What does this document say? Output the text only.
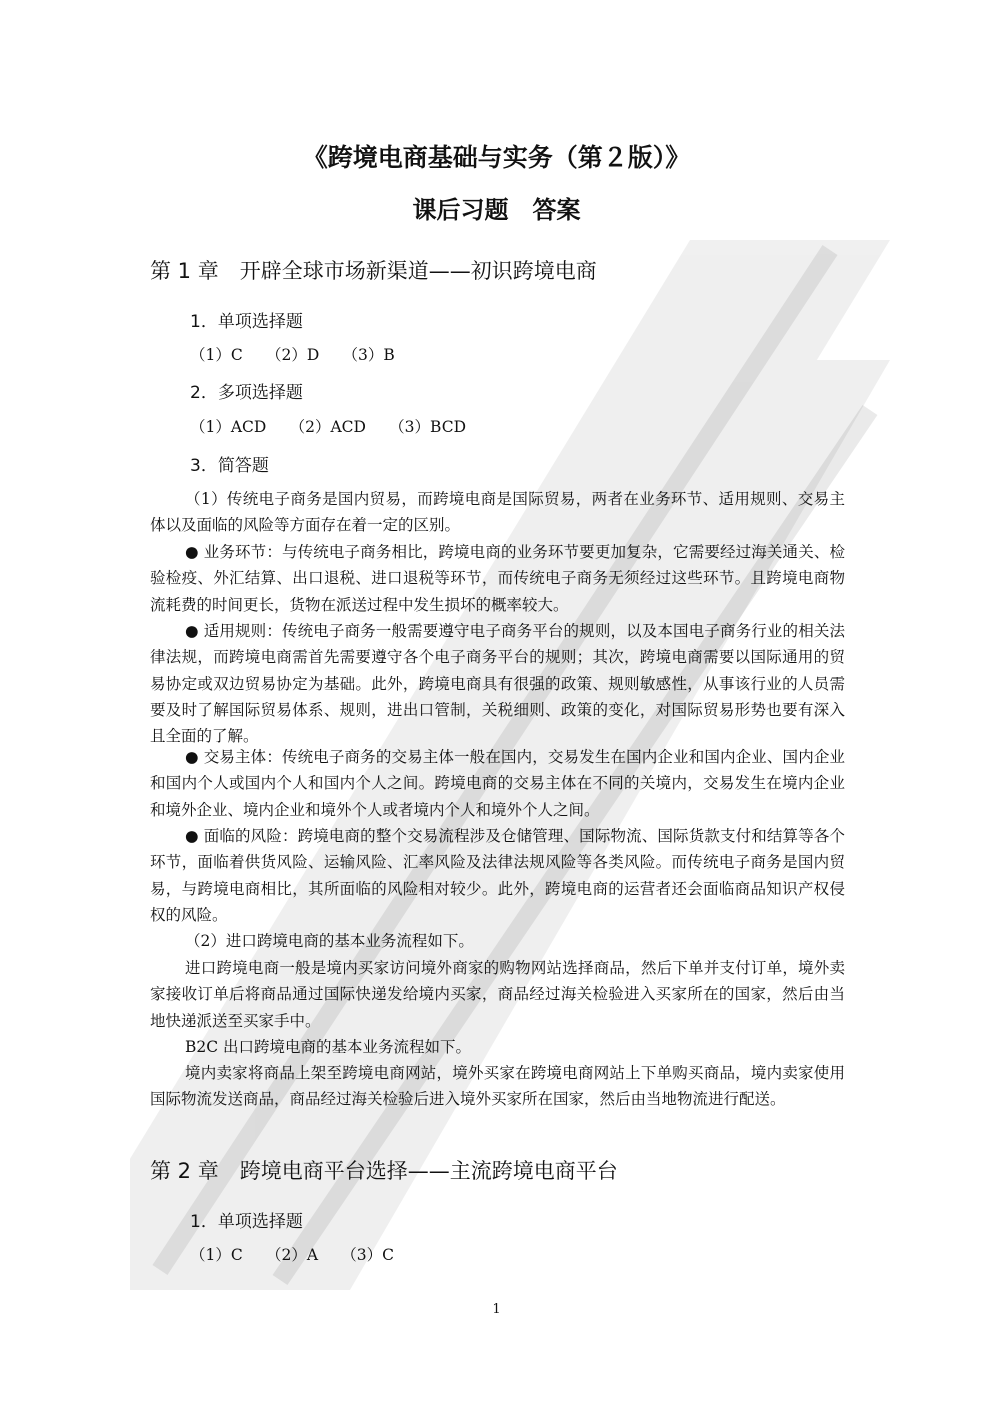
《跨境电商基础与实务（第２版）》
课后习题　答案
第 1 章　开辟全球市场新渠道——初识跨境电商
1．单项选择题
（1）C　　（2）D　　（3）B
2．多项选择题
（1）ACD　　（2）ACD　　（3）BCD
3．简答题

（1）传统电子商务是国内贸易，而跨境电商是国际贸易，两者在业务环节、适用规则、交易主体以及面临的风险等方面存在着一定的区别。

● 业务环节：与传统电子商务相比，跨境电商的业务环节要更加复杂，它需要经过海关通关、检验检疫、外汇结算、出口退税、进口退税等环节，而传统电子商务无须经过这些环节。且跨境电商物流耗费的时间更长，货物在派送过程中发生损坏的概率较大。

● 适用规则：传统电子商务一般需要遵守电子商务平台的规则，以及本国电子商务行业的相关法律法规，而跨境电商需首先需要遵守各个电子商务平台的规则；其次，跨境电商需要以国际通用的贸易协定或双边贸易协定为基础。此外，跨境电商具有很强的政策、规则敏感性，从事该行业的人员需要及时了解国际贸易体系、规则，进出口管制，关税细则、政策的变化，对国际贸易形势也要有深入且全面的了解。

● 交易主体：传统电子商务的交易主体一般在国内，交易发生在国内企业和国内企业、国内企业和国内个人或国内个人和国内个人之间。跨境电商的交易主体在不同的关境内，交易发生在境内企业和境外企业、境内企业和境外个人或者境内个人和境外个人之间。

● 面临的风险：跨境电商的整个交易流程涉及仓储管理、国际物流、国际货款支付和结算等各个环节，面临着供货风险、运输风险、汇率风险及法律法规风险等各类风险。而传统电子商务是国内贸易，与跨境电商相比，其所面临的风险相对较少。此外，跨境电商的运营者还会面临商品知识产权侵权的风险。

（2）进口跨境电商的基本业务流程如下。

进口跨境电商一般是境内买家访问境外商家的购物网站选择商品，然后下单并支付订单，境外卖家接收订单后将商品通过国际快递发给境内买家，商品经过海关检验进入买家所在的国家，然后由当地快递派送至买家手中。

B2C 出口跨境电商的基本业务流程如下。

境内卖家将商品上架至跨境电商网站，境外买家在跨境电商网站上下单购买商品，境内卖家使用国际物流发送商品，商品经过海关检验后进入境外买家所在国家，然后由当地物流进行配送。

第 2 章　跨境电商平台选择——主流跨境电商平台
1．单项选择题
（1）C　　（2）A　　（3）C
1
